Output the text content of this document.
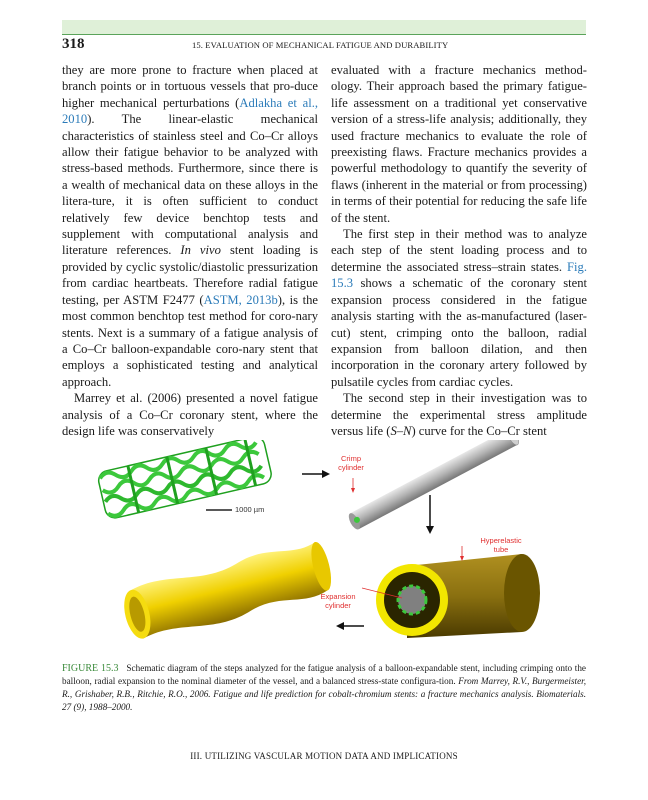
318	15. EVALUATION OF MECHANICAL FATIGUE AND DURABILITY

they are more prone to fracture when placed at branch points or in tortuous vessels that pro-duce higher mechanical perturbations (Adlakha et al., 2010). The linear-elastic mechanical characteristics of stainless steel and Co–Cr alloys allow their fatigue behavior to be analyzed with stress-based methods. Furthermore, since there is a wealth of mechanical data on these alloys in the litera-ture, it is often sufficient to conduct relatively few device benchtop tests and supplement with computational analysis and literature references. In vivo stent loading is provided by cyclic systolic/diastolic pressurization from cardiac heartbeats. Therefore radial fatigue testing, per ASTM F2477 (ASTM, 2013b), is the most common benchtop test method for coro-nary stents. Next is a summary of a fatigue analysis of a Co–Cr balloon-expandable coro-nary stent that employs a sophisticated testing and analytical approach.

Marrey et al. (2006) presented a novel fatigue analysis of a Co–Cr coronary stent, where the design life was conservatively

evaluated with a fracture mechanics method-ology. Their approach based the primary fatigue-life assessment on a traditional yet conservative version of a stress-life analysis; additionally, they used fracture mechanics to evaluate the role of preexisting flaws. Fracture mechanics provides a powerful methodology to quantify the severity of flaws (inherent in the material or from processing) in terms of their potential for reducing the safe life of the stent.

The first step in their method was to analyze each step of the stent loading process and to determine the associated stress–strain states. Fig. 15.3 shows a schematic of the coronary stent expansion process considered in the fatigue analysis starting with the as-manufactured (laser-cut) stent, crimping onto the balloon, radial expansion from balloon dilation, and then incorporation in the coronary artery followed by pulsatile cycles from cardiac cycles.

The second step in their investigation was to determine the experimental stress amplitude versus life (S–N) curve for the Co–Cr stent

Crimp
cylinder
1000 µm
Hyperelastic
tube
Expansion
cylinder
FIGURE 15.3 Schematic diagram of the steps analyzed for the fatigue analysis of a balloon-expandable stent, including crimping onto the balloon, radial expansion to the nominal diameter of the vessel, and a balanced stress-state configura-tion. From Marrey, R.V., Burgermeister, R., Grishaber, R.B., Ritchie, R.O., 2006. Fatigue and life prediction for cobalt-chromium stents: a fracture mechanics analysis. Biomaterials. 27 (9), 1988–2000.
III. UTILIZING VASCULAR MOTION DATA AND IMPLICATIONS
